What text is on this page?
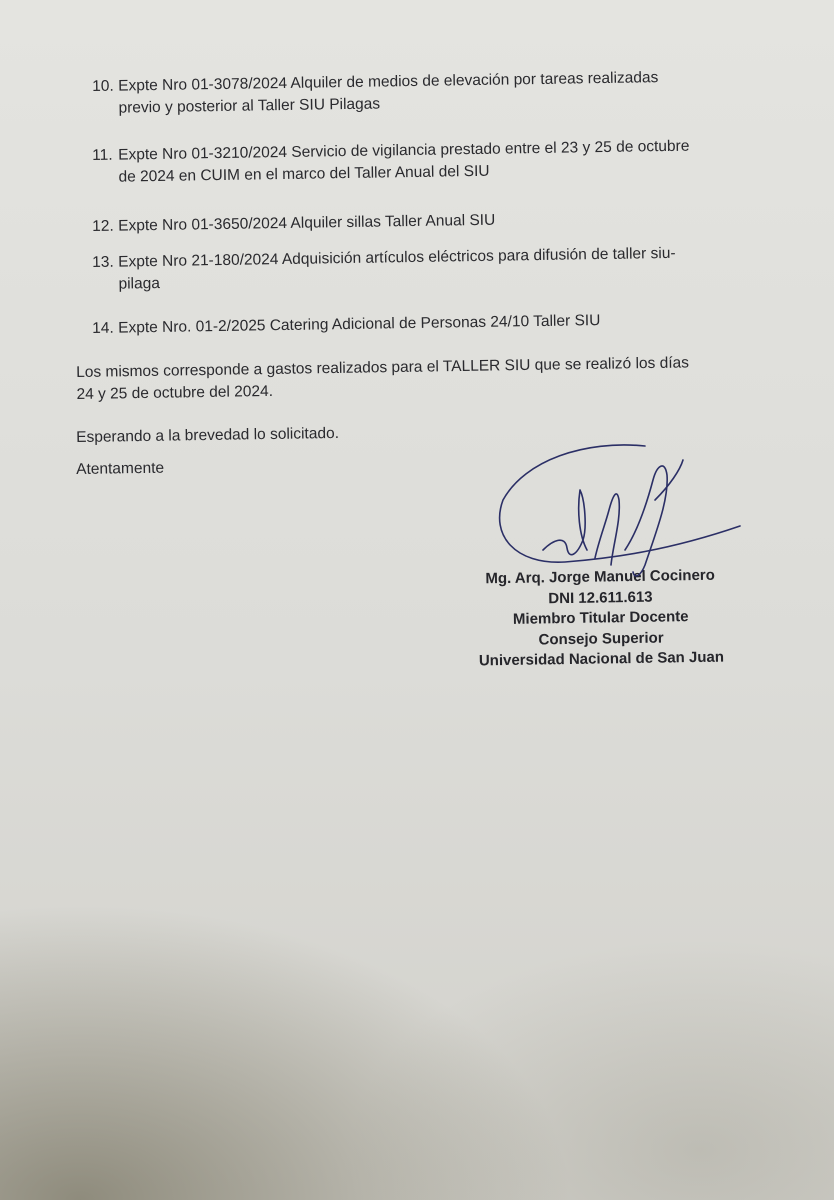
10. Expte Nro 01-3078/2024 Alquiler de medios de elevación por tareas realizadas
previo y posterior al Taller SIU Pilagas
11. Expte Nro 01-3210/2024 Servicio de vigilancia prestado entre el 23 y 25 de octubre
de 2024 en CUIM en el marco del Taller Anual del SIU
12. Expte Nro 01-3650/2024 Alquiler sillas Taller Anual SIU
13. Expte Nro 21-180/2024 Adquisición artículos eléctricos para difusión de taller siu-
pilaga
14. Expte Nro. 01-2/2025 Catering Adicional de Personas 24/10 Taller SIU
Los mismos corresponde a gastos realizados para el TALLER SIU que se realizó los días
24 y 25 de octubre del 2024.
Esperando a la brevedad lo solicitado.
Atentamente
Mg. Arq. Jorge Manuel Cocinero
DNI 12.611.613
Miembro Titular Docente
Consejo Superior
Universidad Nacional de San Juan
